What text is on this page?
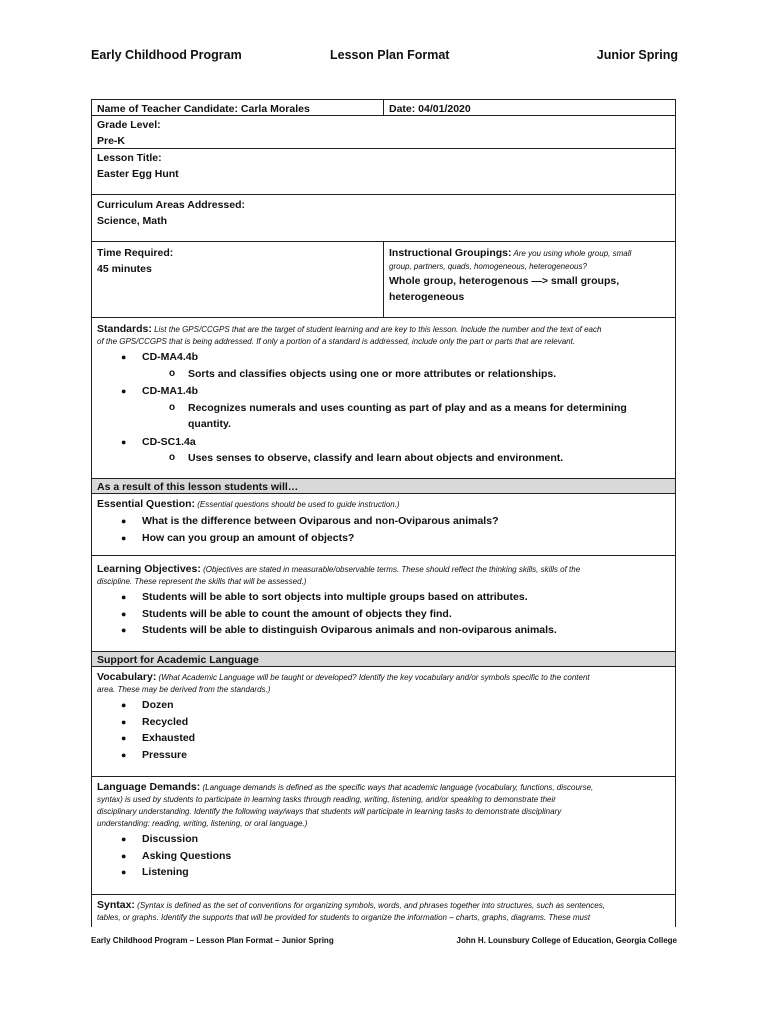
Early Childhood Program	Lesson Plan Format	Junior Spring
Name of Teacher Candidate: Carla Morales	Date: 04/01/2020
Grade Level:
Pre-K
Lesson Title:
Easter Egg Hunt
Curriculum Areas Addressed:
Science, Math
Time Required:
45 minutes
Instructional Groupings: Are you using whole group, small
group, partners, quads, homogeneous, heterogeneous?
Whole group, heterogenous —> small groups,
heterogeneous
Standards: List the GPS/CCGPS that are the target of student learning and are key to this lesson. Include the number and the text of each
of the GPS/CCGPS that is being addressed. If only a portion of a standard is addressed, include only the part or parts that are relevant.
● CD-MA4.4b
o Sorts and classifies objects using one or more attributes or relationships.
● CD-MA1.4b
o Recognizes numerals and uses counting as part of play and as a means for determining
quantity.
● CD-SC1.4a
o Uses senses to observe, classify and learn about objects and environment.
As a result of this lesson students will…
Essential Question: (Essential questions should be used to guide instruction.)
● What is the difference between Oviparous and non-Oviparous animals?
● How can you group an amount of objects?
Learning Objectives: (Objectives are stated in measurable/observable terms. These should reflect the thinking skills, skills of the
discipline. These represent the skills that will be assessed.)
● Students will be able to sort objects into multiple groups based on attributes.
● Students will be able to count the amount of objects they find.
● Students will be able to distinguish Oviparous animals and non-oviparous animals.
Support for Academic Language
Vocabulary: (What Academic Language will be taught or developed? Identify the key vocabulary and/or symbols specific to the content
area. These may be derived from the standards.)
● Dozen
● Recycled
● Exhausted
● Pressure
Language Demands: (Language demands is defined as the specific ways that academic language (vocabulary, functions, discourse,
syntax) is used by students to participate in learning tasks through reading, writing, listening, and/or speaking to demonstrate their
disciplinary understanding. Identify the following way/ways that students will participate in learning tasks to demonstrate disciplinary
understanding: reading, writing, listening, or oral language.)
● Discussion
● Asking Questions
● Listening
Syntax: (Syntax is defined as the set of conventions for organizing symbols, words, and phrases together into structures, such as sentences,
tables, or graphs. Identify the supports that will be provided for students to organize the information – charts, graphs, diagrams. These must
Early Childhood Program – Lesson Plan Format – Junior Spring	John H. Lounsbury College of Education, Georgia College
